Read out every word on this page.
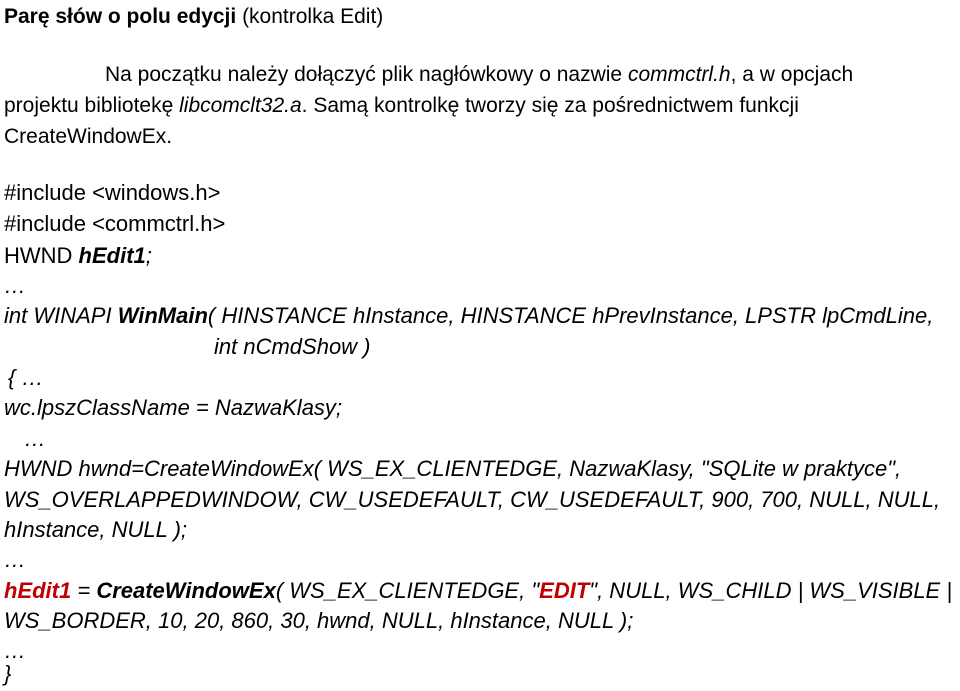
Parę słów o polu edycji (kontrolka Edit)

Na początku należy dołączyć plik nagłówkowy o nazwie commctrl.h, a w opcjach

projektu bibliotekę libcomclt32.a. Samą kontrolkę tworzy się za pośrednictwem funkcji

CreateWindowEx.

#include <windows.h>
#include <commctrl.h>
HWND hEdit1;
…
int WINAPI WinMain( HINSTANCE hInstance, HINSTANCE hPrevInstance, LPSTR lpCmdLine,
int nCmdShow )
{ …
wc.lpszClassName = NazwaKlasy;
…
HWND hwnd=CreateWindowEx( WS_EX_CLIENTEDGE, NazwaKlasy, "SQLite w praktyce",
WS_OVERLAPPEDWINDOW, CW_USEDEFAULT, CW_USEDEFAULT, 900, 700, NULL, NULL,
hInstance, NULL );
…
hEdit1 = CreateWindowEx( WS_EX_CLIENTEDGE, "EDIT", NULL, WS_CHILD | WS_VISIBLE |
WS_BORDER, 10, 20, 860, 30, hwnd, NULL, hInstance, NULL );
…
}
